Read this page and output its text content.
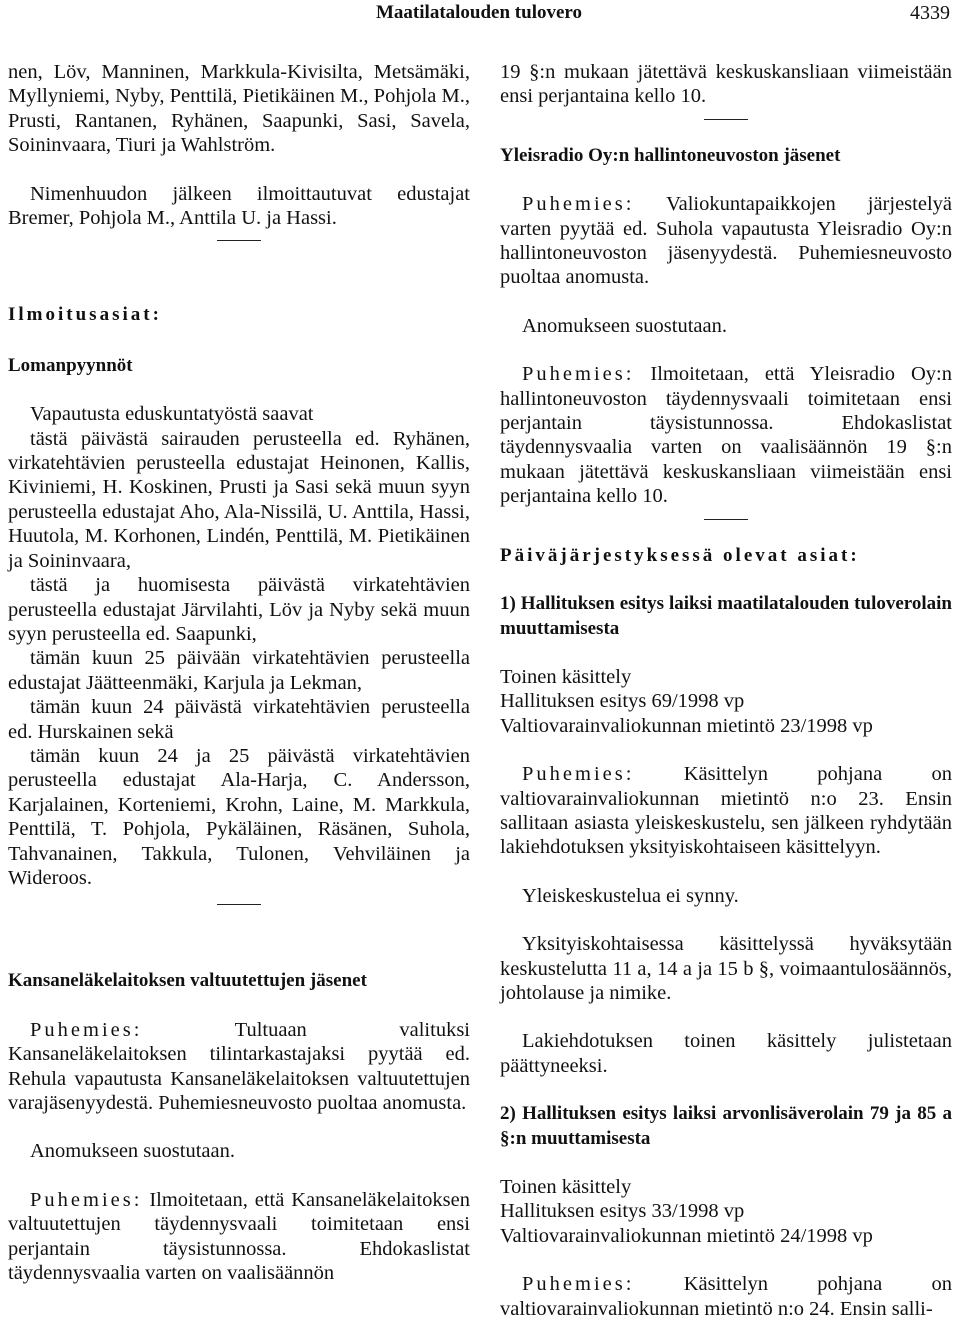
Maatilatalouden tulovero	4339

nen, Löv, Manninen, Markkula-Kivisilta, Metsämäki, Myllyniemi, Nyby, Penttilä, Pietikäinen M., Pohjola M., Prusti, Rantanen, Ryhänen, Saapunki, Sasi, Savela, Soininvaara, Tiuri ja Wahlström.

Nimenhuudon jälkeen ilmoittautuvat edustajat Bremer, Pohjola M., Anttila U. ja Hassi.

Ilmoitusasiat:

Lomanpyynnöt

Vapautusta eduskuntatyöstä saavat

tästä päivästä sairauden perusteella ed. Ryhänen, virkatehtävien perusteella edustajat Heinonen, Kallis, Kiviniemi, H. Koskinen, Prusti ja Sasi sekä muun syyn perusteella edustajat Aho, Ala-Nissilä, U. Anttila, Hassi, Huutola, M. Korhonen, Lindén, Penttilä, M. Pietikäinen ja Soininvaara,

tästä ja huomisesta päivästä virkatehtävien perusteella edustajat Järvilahti, Löv ja Nyby sekä muun syyn perusteella ed. Saapunki,

tämän kuun 25 päivään virkatehtävien perusteella edustajat Jäätteenmäki, Karjula ja Lekman,

tämän kuun 24 päivästä virkatehtävien perusteella ed. Hurskainen sekä

tämän kuun 24 ja 25 päivästä virkatehtävien perusteella edustajat Ala-Harja, C. Andersson, Karjalainen, Korteniemi, Krohn, Laine, M. Markkula, Penttilä, T. Pohjola, Pykäläinen, Räsänen, Suhola, Tahvanainen, Takkula, Tulonen, Vehviläinen ja Wideroos.

Kansaneläkelaitoksen valtuutettujen jäsenet

Puhemies:	Tultuaan valituksi Kansaneläkelaitoksen tilintarkastajaksi pyytää ed. Rehula vapautusta Kansaneläkelaitoksen valtuutettujen varajäsenyydestä. Puhemiesneuvosto puoltaa anomusta.

Anomukseen suostutaan.

Puhemies: Ilmoitetaan, että Kansaneläkelaitoksen valtuutettujen täydennysvaali toimitetaan ensi perjantain täysistunnossa. Ehdokaslistat täydennysvaalia varten on vaalisäännön

19 §:n mukaan jätettävä keskuskansliaan viimeistään ensi perjantaina kello 10.

Yleisradio Oy:n hallintoneuvoston jäsenet

Puhemies: Valiokuntapaikkojen järjestelyä varten pyytää ed. Suhola vapautusta Yleisradio Oy:n hallintoneuvoston jäsenyydestä. Puhemiesneuvosto puoltaa anomusta.

Anomukseen suostutaan.

Puhemies: Ilmoitetaan, että Yleisradio Oy:n hallintoneuvoston täydennysvaali toimitetaan ensi perjantain täysistunnossa. Ehdokaslistat täydennysvaalia varten on vaalisäännön 19 §:n mukaan jätettävä keskuskansliaan viimeistään ensi perjantaina kello 10.

Päiväjärjestyksessä olevat asiat:

1) Hallituksen esitys laiksi maatilatalouden tuloverolain muuttamisesta

Toinen käsittely

Hallituksen esitys 69/1998 vp

Valtiovarainvaliokunnan mietintö 23/1998 vp

Puhemies: Käsittelyn pohjana on valtiovarainvaliokunnan mietintö n:o 23. Ensin sallitaan asiasta yleiskeskustelu, sen jälkeen ryhdytään lakiehdotuksen yksityiskohtaiseen käsittelyyn.

Yleiskeskustelua ei synny.

Yksityiskohtaisessa käsittelyssä hyväksytään keskustelutta 11 a, 14 a ja 15 b §, voimaantulosäännös, johtolause ja nimike.

Lakiehdotuksen toinen käsittely julistetaan päättyneeksi.

2) Hallituksen esitys laiksi arvonlisäverolain 79 ja 85 a §:n muuttamisesta

Toinen käsittely

Hallituksen esitys 33/1998 vp

Valtiovarainvaliokunnan mietintö 24/1998 vp

Puhemies: Käsittelyn pohjana on valtiovarainvaliokunnan mietintö n:o 24. Ensin salli-
